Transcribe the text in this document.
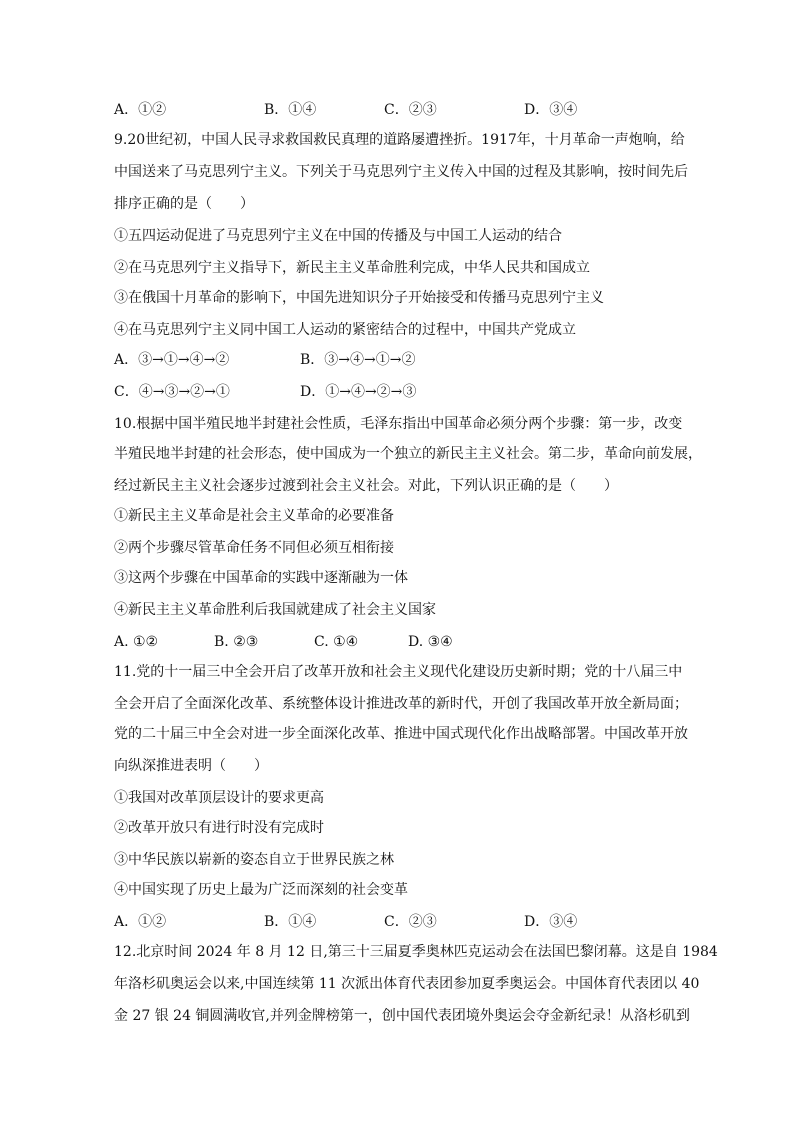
A．①②	B．①④	C．②③	D．③④
9.20世纪初，中国人民寻求救国救民真理的道路屡遭挫折。1917年，十月革命一声炮响，给
中国送来了马克思列宁主义。下列关于马克思列宁主义传入中国的过程及其影响，按时间先后
排序正确的是（　　）
①五四运动促进了马克思列宁主义在中国的传播及与中国工人运动的结合
②在马克思列宁主义指导下，新民主主义革命胜利完成，中华人民共和国成立
③在俄国十月革命的影响下，中国先进知识分子开始接受和传播马克思列宁主义
④在马克思列宁主义同中国工人运动的紧密结合的过程中，中国共产党成立
A．③→①→④→②	B．③→④→①→②
C．④→③→②→①	D．①→④→②→③
10.根据中国半殖民地半封建社会性质，毛泽东指出中国革命必须分两个步骤：第一步，改变
半殖民地半封建的社会形态，使中国成为一个独立的新民主主义社会。第二步，革命向前发展，
经过新民主主义社会逐步过渡到社会主义社会。对此，下列认识正确的是（　　）
①新民主主义革命是社会主义革命的必要准备
②两个步骤尽管革命任务不同但必须互相衔接
③这两个步骤在中国革命的实践中逐渐融为一体
④新民主主义革命胜利后我国就建成了社会主义国家
A. ①②	B. ②③	C. ①④	D. ③④
11.党的十一届三中全会开启了改革开放和社会主义现代化建设历史新时期；党的十八届三中
全会开启了全面深化改革、系统整体设计推进改革的新时代，开创了我国改革开放全新局面；
党的二十届三中全会对进一步全面深化改革、推进中国式现代化作出战略部署。中国改革开放
向纵深推进表明（　　）
①我国对改革顶层设计的要求更高
②改革开放只有进行时没有完成时
③中华民族以崭新的姿态自立于世界民族之林
④中国实现了历史上最为广泛而深刻的社会变革
A．①②	B．①④	C．②③	D．③④
12.北京时间 2024 年 8 月 12 日,第三十三届夏季奥林匹克运动会在法国巴黎闭幕。这是自 1984
年洛杉矶奥运会以来,中国连续第 11 次派出体育代表团参加夏季奥运会。中国体育代表团以 40
金 27 银 24 铜圆满收官,并列金牌榜第一，创中国代表团境外奥运会夺金新纪录！从洛杉矶到
